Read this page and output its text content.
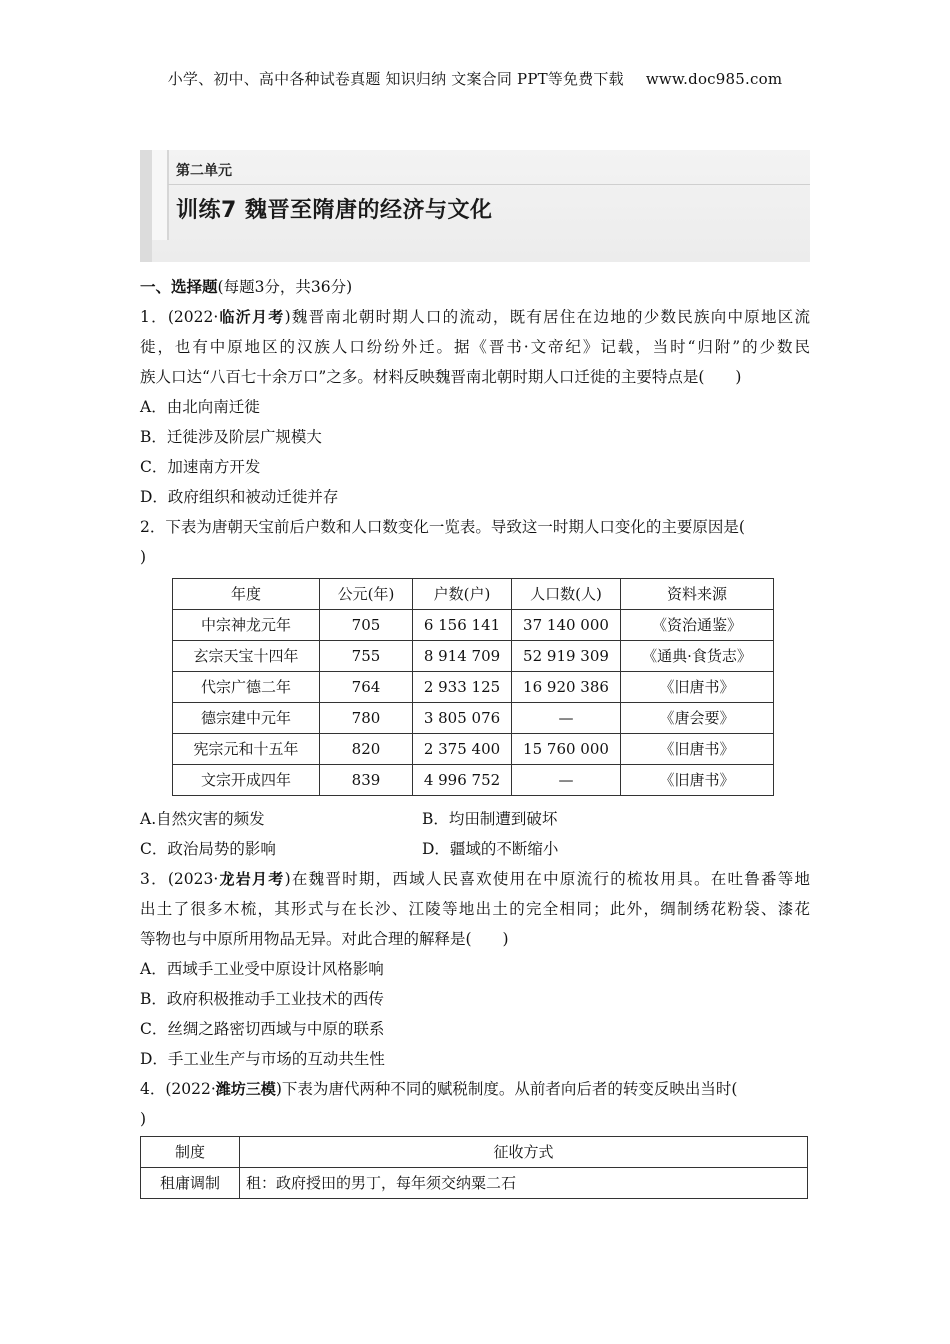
小学、初中、高中各种试卷真题 知识归纳 文案合同 PPT等免费下载 www.doc985.com
第二单元
训练7 魏晋至隋唐的经济与文化
一、选择题(每题3分，共36分)
1．(2022·临沂月考)魏晋南北朝时期人口的流动，既有居住在边地的少数民族向中原地区流
徙，也有中原地区的汉族人口纷纷外迁。据《晋书·文帝纪》记载，当时“归附”的少数民
族人口达“八百七十余万口”之多。材料反映魏晋南北朝时期人口迁徙的主要特点是(　　)
A．由北向南迁徙
B．迁徙涉及阶层广规模大
C．加速南方开发
D．政府组织和被动迁徙并存
2．下表为唐朝天宝前后户数和人口数变化一览表。导致这一时期人口变化的主要原因是(
)
年度	公元(年)	户数(户)	人口数(人)	资料来源
中宗神龙元年	705	6 156 141	37 140 000	《资治通鉴》
玄宗天宝十四年	755	8 914 709	52 919 309	《通典·食货志》
代宗广德二年	764	2 933 125	16 920 386	《旧唐书》
德宗建中元年	780	3 805 076	—	《唐会要》
宪宗元和十五年	820	2 375 400	15 760 000	《旧唐书》
文宗开成四年	839	4 996 752	—	《旧唐书》
A.自然灾害的频发	B．均田制遭到破坏
C．政治局势的影响	D．疆域的不断缩小
3．(2023·龙岩月考)在魏晋时期，西域人民喜欢使用在中原流行的梳妆用具。在吐鲁番等地
出土了很多木梳，其形式与在长沙、江陵等地出土的完全相同；此外，绸制绣花粉袋、漆花
等物也与中原所用物品无异。对此合理的解释是(　　)
A．西域手工业受中原设计风格影响
B．政府积极推动手工业技术的西传
C．丝绸之路密切西域与中原的联系
D．手工业生产与市场的互动共生性
4．(2022·潍坊三模)下表为唐代两种不同的赋税制度。从前者向后者的转变反映出当时(
)
制度	征收方式
租庸调制	租：政府授田的男丁，每年须交纳粟二石
